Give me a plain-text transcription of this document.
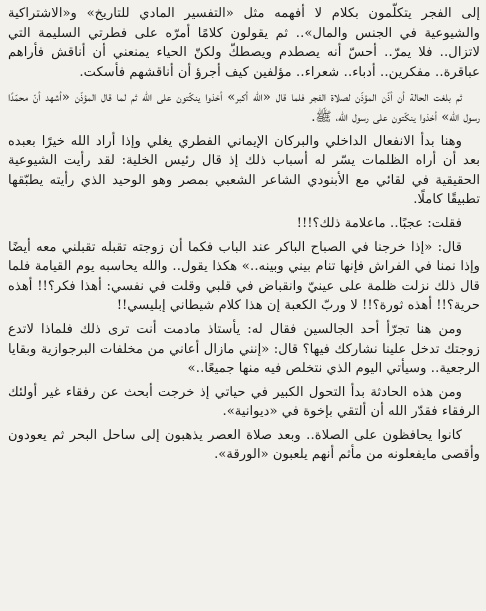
إلى الفجر يتكلّمون بكلام لا أفهمه مثل «التفسير المادي للتاريخ» و«الاشتراكية والشيوعية في الجنس والمال»‥ ثم يقولون كلامًا أمرّه على فطرتي السليمة التي لاتزال‥ فلا يمرّ‥ أحسّ أنه يصطدم ويصطكّ ولكنّ الحياء يمنعني أن أناقش فأراهم عباقرة‥ مفكرين‥ أدباء‥ شعراء‥ مؤلفين كيف أجرؤ أن أناقشهم فأسكت.

ثم بلغت الحالة أن أذّن المؤذّن لصلاة الفجر فلما قال «الله أكبر» أخذوا ينكّتون على الله ثم لما قال المؤذّن «أشهد أنّ محمّدًا رسول الله» أخذوا ينكّتون على رسول الله، ﷺ.

وهنا بدأ الانفعال الداخلي والبركان الإيماني الفطري يغلي وإذا أراد الله خيرًا بعبده بعد أن أراه الظلمات يسّر له أسباب ذلك إذ قال رئيس الخلية: لقد رأيت الشيوعية الحقيقية في لقائي مع الأبنودي الشاعر الشعبي بمصر وهو الوحيد الذي رأيته يطبّقها تطبيقًا كاملًا.

فقلت: عجبًا‥ ماعلامة ذلك؟!!!

قال: «إذا خرجنا في الصباح الباكر عند الباب فكما أن زوجته تقبله تقبلني معه أيضًا وإذا نمنا في الفراش فإنها تنام بيني وبينه‥» هكذا يقول‥ والله يحاسبه يوم القيامة فلما قال ذلك نزلت ظلمة على عينيّ وانقباض في قلبي وقلت في نفسي: أهذا فكر؟!! أهذه حرية؟!! أهذه ثورة؟!! لا وربّ الكعبة إن هذا كلام شيطاني إبليسي!!

ومن هنا تجرّأ أحد الجالسين فقال له: يأستاذ مادمت أنت ترى ذلك فلماذا لاتدع زوجتك تدخل علينا نشاركك فيها؟ قال: «إنني مازال أعاني من مخلفات البرجوازية وبقايا الرجعية‥ وسيأتي اليوم الذي نتخلص فيه منها جميعًا‥»

ومن هذه الحادثة بدأ التحول الكبير في حياتي إذ خرجت أبحث عن رفقاء غير أولئك الرفقاء فقدّر الله أن ألتقي بإخوة في «ديوانية».

كانوا يحافظون على الصلاة‥ وبعد صلاة العصر يذهبون إلى ساحل البحر ثم يعودون وأقصى مايفعلونه من مأثم أنهم يلعبون «الورقة».
